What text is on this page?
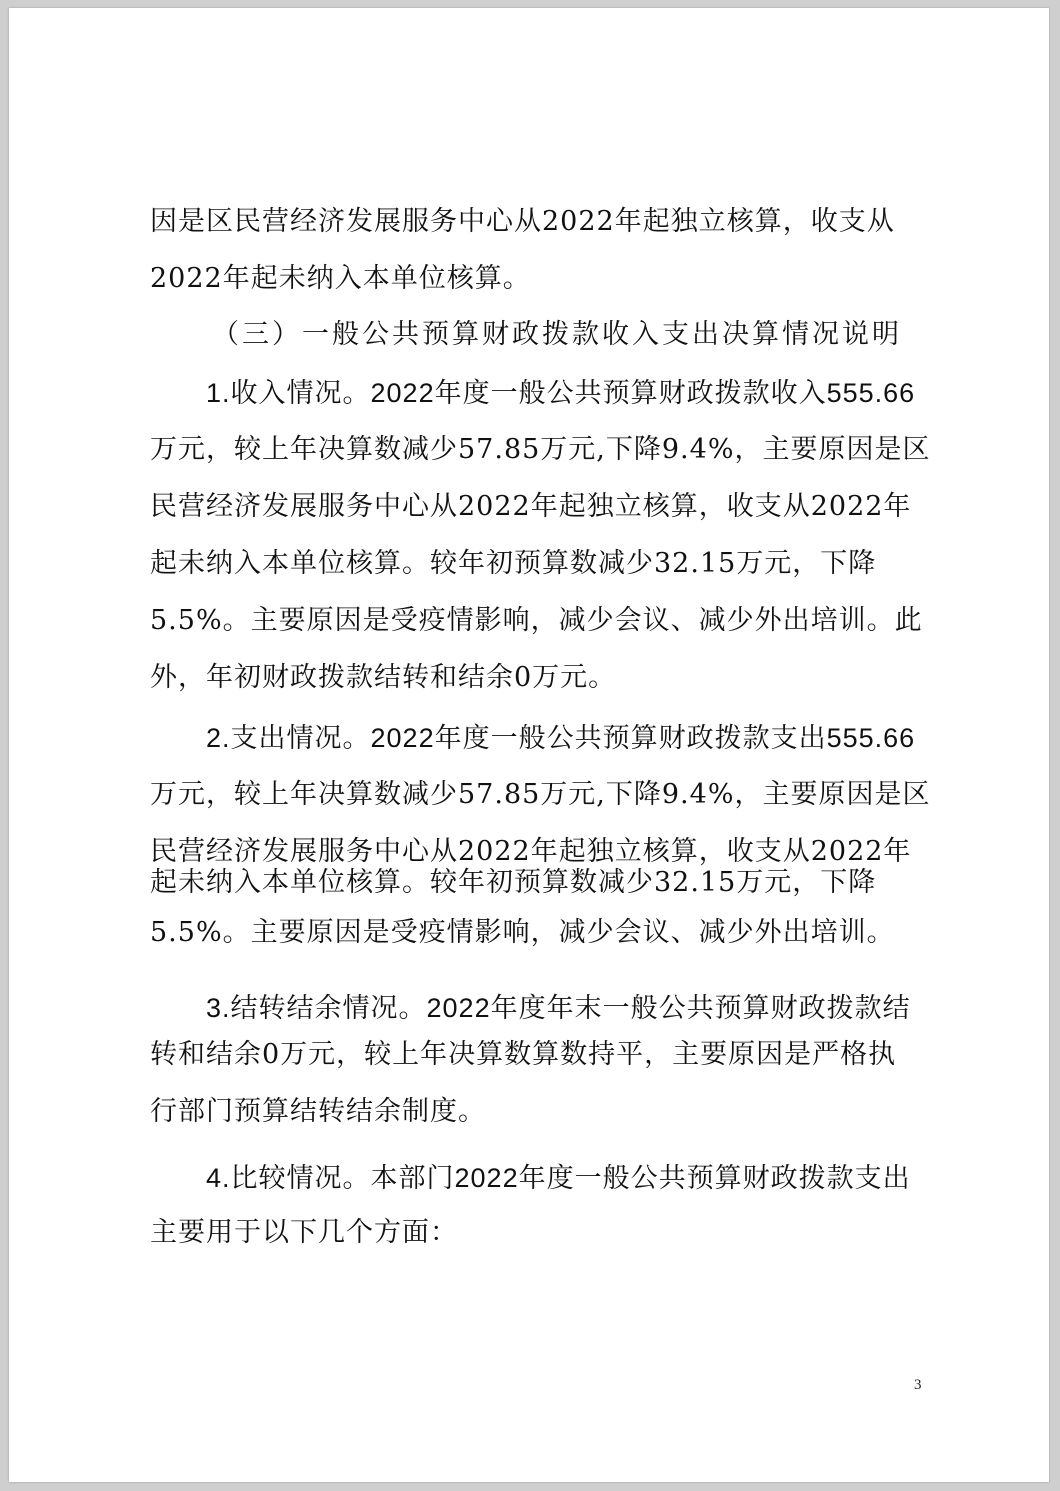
因是区民营经济发展服务中心从2022年起独立核算，收支从
2022年起未纳入本单位核算。
（三）一般公共预算财政拨款收入支出决算情况说明
1.收入情况。2022年度一般公共预算财政拨款收入555.66
万元，较上年决算数减少57.85万元,下降9.4%，主要原因是区
民营经济发展服务中心从2022年起独立核算，收支从2022年
起未纳入本单位核算。较年初预算数减少32.15万元，下降
5.5%。主要原因是受疫情影响，减少会议、减少外出培训。此
外，年初财政拨款结转和结余0万元。
2.支出情况。2022年度一般公共预算财政拨款支出555.66
万元，较上年决算数减少57.85万元,下降9.4%，主要原因是区
民营经济发展服务中心从2022年起独立核算，收支从2022年
起未纳入本单位核算。较年初预算数减少32.15万元，下降
5.5%。主要原因是受疫情影响，减少会议、减少外出培训。
3.结转结余情况。2022年度年末一般公共预算财政拨款结
转和结余0万元，较上年决算数算数持平，主要原因是严格执
行部门预算结转结余制度。
4.比较情况。本部门2022年度一般公共预算财政拨款支出
主要用于以下几个方面：
3
